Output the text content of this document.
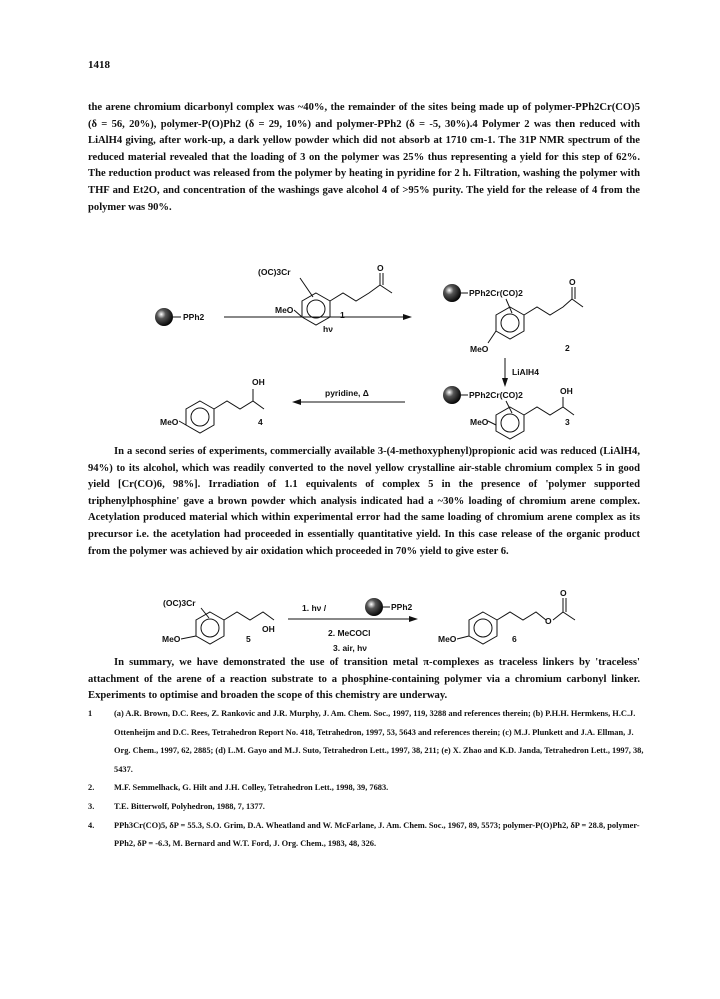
1418

the arene chromium dicarbonyl complex was ~40%, the remainder of the sites being made up of polymer-PPh2Cr(CO)5 (δ = 56, 20%), polymer-P(O)Ph2 (δ = 29, 10%) and polymer-PPh2 (δ = -5, 30%).4 Polymer 2 was then reduced with LiAlH4 giving, after work-up, a dark yellow powder which did not absorb at 1710 cm-1. The 31P NMR spectrum of the reduced material revealed that the loading of 3 on the polymer was 25% thus representing a yield for this step of 62%. The reduction product was released from the polymer by heating in pyridine for 2 h. Filtration, washing the polymer with THF and Et2O, and concentration of the washings gave alcohol 4 of >95% purity. The yield for the release of 4 from the polymer was 90%.

PPh2
(OC)3Cr	O
MeO	1
hν
PPh2Cr(CO)2
O
MeO	2
LiAlH4
PPh2Cr(CO)2	OH
MeO	3
pyridine, Δ
OH
MeO	4

In a second series of experiments, commercially available 3-(4-methoxyphenyl)propionic acid was reduced (LiAlH4, 94%) to its alcohol, which was readily converted to the novel yellow crystalline air-stable chromium complex 5 in good yield [Cr(CO)6, 98%]. Irradiation of 1.1 equivalents of complex 5 in the presence of 'polymer supported triphenylphosphine' gave a brown powder which analysis indicated had a ~30% loading of chromium arene complex. Acetylation produced material which within experimental error had the same loading of chromium arene complex as its precursor i.e. the acetylation had proceeded in essentially quantitative yield. In this case release of the organic product from the polymer was achieved by air oxidation which proceeded in 70% yield to give ester 6.

(OC)3Cr
OH
MeO	5
1. hν /	PPh2
2. MeCOCl
3. air, hν
O
O
MeO	6

In summary, we have demonstrated the use of transition metal π-complexes as traceless linkers by 'traceless' attachment of the arene of a reaction substrate to a phosphine-containing polymer via a chromium carbonyl linker. Experiments to optimise and broaden the scope of this chemistry are underway.

1	(a) A.R. Brown, D.C. Rees, Z. Rankovic and J.R. Murphy, J. Am. Chem. Soc., 1997, 119, 3288 and references therein; (b) P.H.H. Hermkens, H.C.J. Ottenheijm and D.C. Rees, Tetrahedron Report No. 418, Tetrahedron, 1997, 53, 5643 and references therein; (c) M.J. Plunkett and J.A. Ellman, J. Org. Chem., 1997, 62, 2885; (d) L.M. Gayo and M.J. Suto, Tetrahedron Lett., 1997, 38, 211; (e) X. Zhao and K.D. Janda, Tetrahedron Lett., 1997, 38, 5437.
2.	M.F. Semmelhack, G. Hilt and J.H. Colley, Tetrahedron Lett., 1998, 39, 7683.
3.	T.E. Bitterwolf, Polyhedron, 1988, 7, 1377.
4.	PPh3Cr(CO)5, δP = 55.3, S.O. Grim, D.A. Wheatland and W. McFarlane, J. Am. Chem. Soc., 1967, 89, 5573; polymer-P(O)Ph2, δP = 28.8, polymer-PPh2, δP = -6.3, M. Bernard and W.T. Ford, J. Org. Chem., 1983, 48, 326.
